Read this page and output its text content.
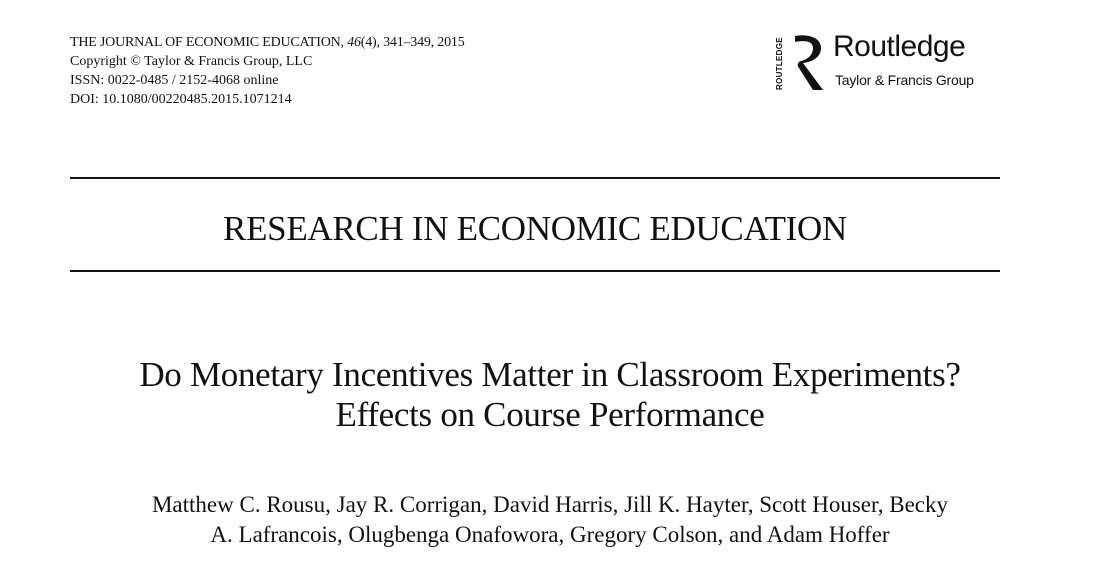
THE JOURNAL OF ECONOMIC EDUCATION, 46(4), 341–349, 2015
Copyright © Taylor & Francis Group, LLC
ISSN: 0022-0485 / 2152-4068 online
DOI: 10.1080/00220485.2015.1071214
ROUTLEDGE Routledge
Taylor & Francis Group
RESEARCH IN ECONOMIC EDUCATION
Do Monetary Incentives Matter in Classroom Experiments?
Effects on Course Performance
Matthew C. Rousu, Jay R. Corrigan, David Harris, Jill K. Hayter, Scott Houser, Becky
A. Lafrancois, Olugbenga Onafowora, Gregory Colson, and Adam Hoffer
